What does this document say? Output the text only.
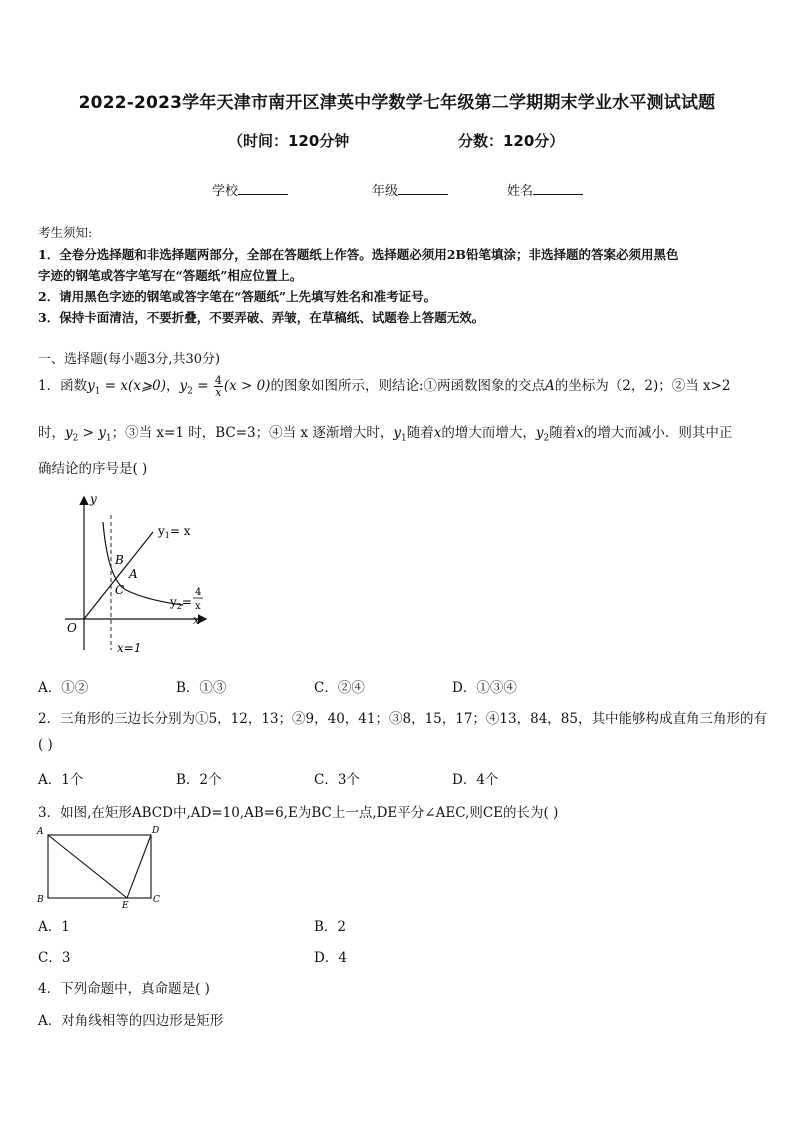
2022-2023学年天津市南开区津英中学数学七年级第二学期期末学业水平测试试题
（时间：120分钟	分数：120分）
学校	年级	姓名
考生须知:
1．全卷分选择题和非选择题两部分，全部在答题纸上作答。选择题必须用2B铅笔填涂；非选择题的答案必须用黑色
字迹的钢笔或答字笔写在“答题纸”相应位置上。
2．请用黑色字迹的钢笔或答字笔在“答题纸”上先填写姓名和准考证号。
3．保持卡面清洁，不要折叠，不要弄破、弄皱，在草稿纸、试题卷上答题无效。
一、选择题(每小题3分,共30分)
1．函数$y_1$ = x(x⩾0)，$y_2 = \frac{4}{x} (x > 0)$的图象如图所示，则结论:①两函数图象的交点A的坐标为（2，2)；②当 x>2
时，$y_2 > y_1$；③当 x=1 时，BC=3；④当 x 逐渐增大时，$y_1$随着x的增大而增大，$y_2$随着x的增大而减小．则其中正
确结论的序号是( )
y
x
O
$y_1= x$
$y_2=$
4
x
B
A
C
x=1
A．①②	B．①③	C．②④	D．①③④
2．三角形的三边长分别为①5，12，13；②9，40，41；③8，15，17；④13，84，85，其中能够构成直角三角形的有
( )
A．1个	B．2个	C．3个	D．4个
3．如图,在矩形ABCD中,AD=10,AB=6,E为BC上一点,DE平分∠AEC,则CE的长为( )
A	D
B	C
E
A．1	B．2
C．3	D．4
4．下列命题中，真命题是( )
A．对角线相等的四边形是矩形
